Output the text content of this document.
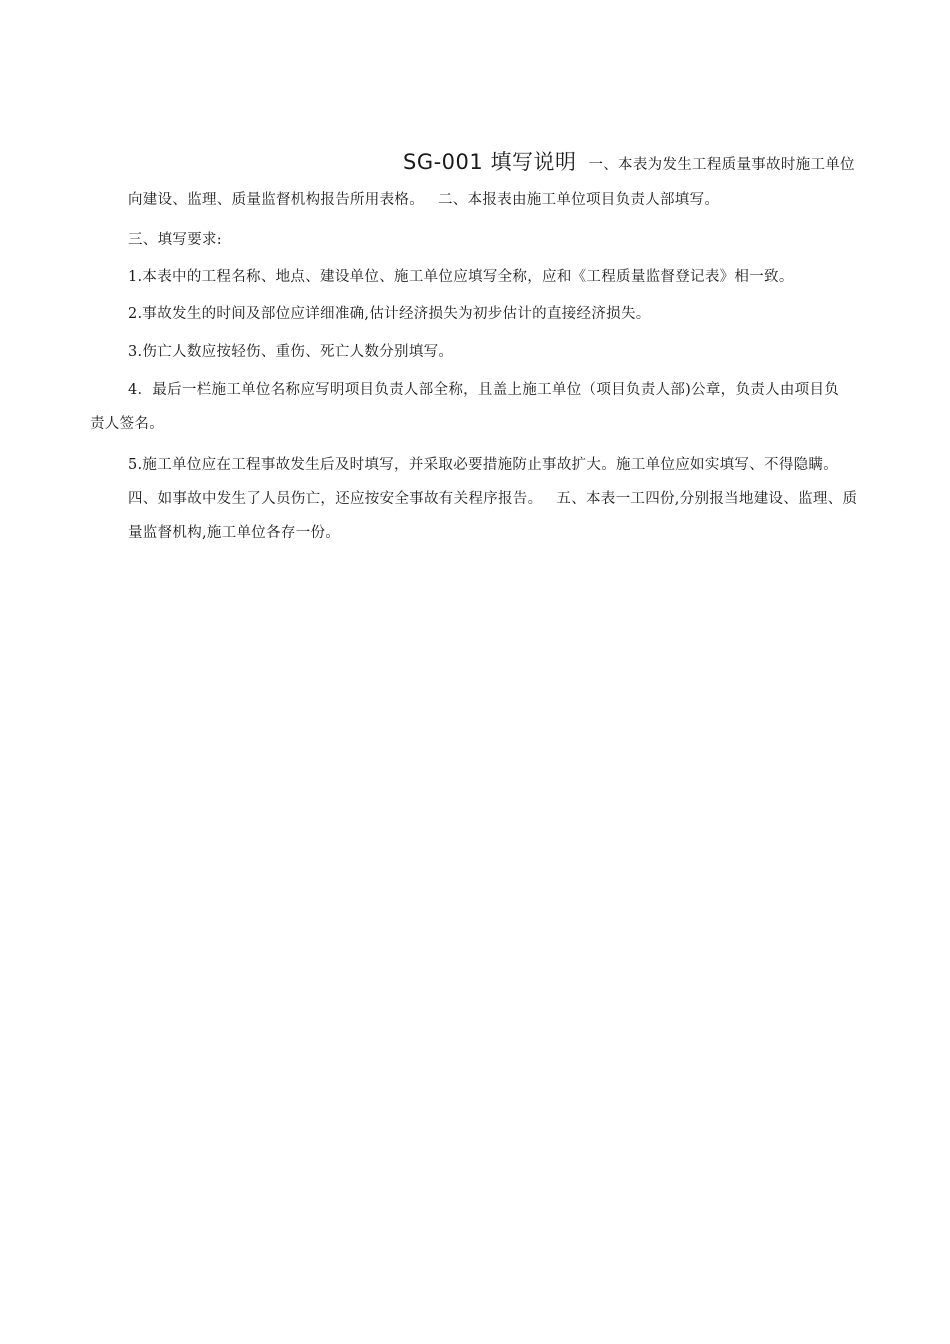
SG-001 填写说明 一、本表为发生工程质量事故时施工单位
向建设、监理、质量监督机构报告所用表格。 二、本报表由施工单位项目负责人部填写。
三、填写要求:
1.本表中的工程名称、地点、建设单位、施工单位应填写全称，应和《工程质量监督登记表》相一致。
2.事故发生的时间及部位应详细准确,估计经济损失为初步估计的直接经济损失。
3.伤亡人数应按轻伤、重伤、死亡人数分别填写。
4．最后一栏施工单位名称应写明项目负责人部全称，且盖上施工单位（项目负责人部)公章，负责人由项目负
责人签名。
5.施工单位应在工程事故发生后及时填写，并采取必要措施防止事故扩大。施工单位应如实填写、不得隐瞒。
四、如事故中发生了人员伤亡，还应按安全事故有关程序报告。 五、本表一工四份,分别报当地建设、监理、质
量监督机构,施工单位各存一份。
